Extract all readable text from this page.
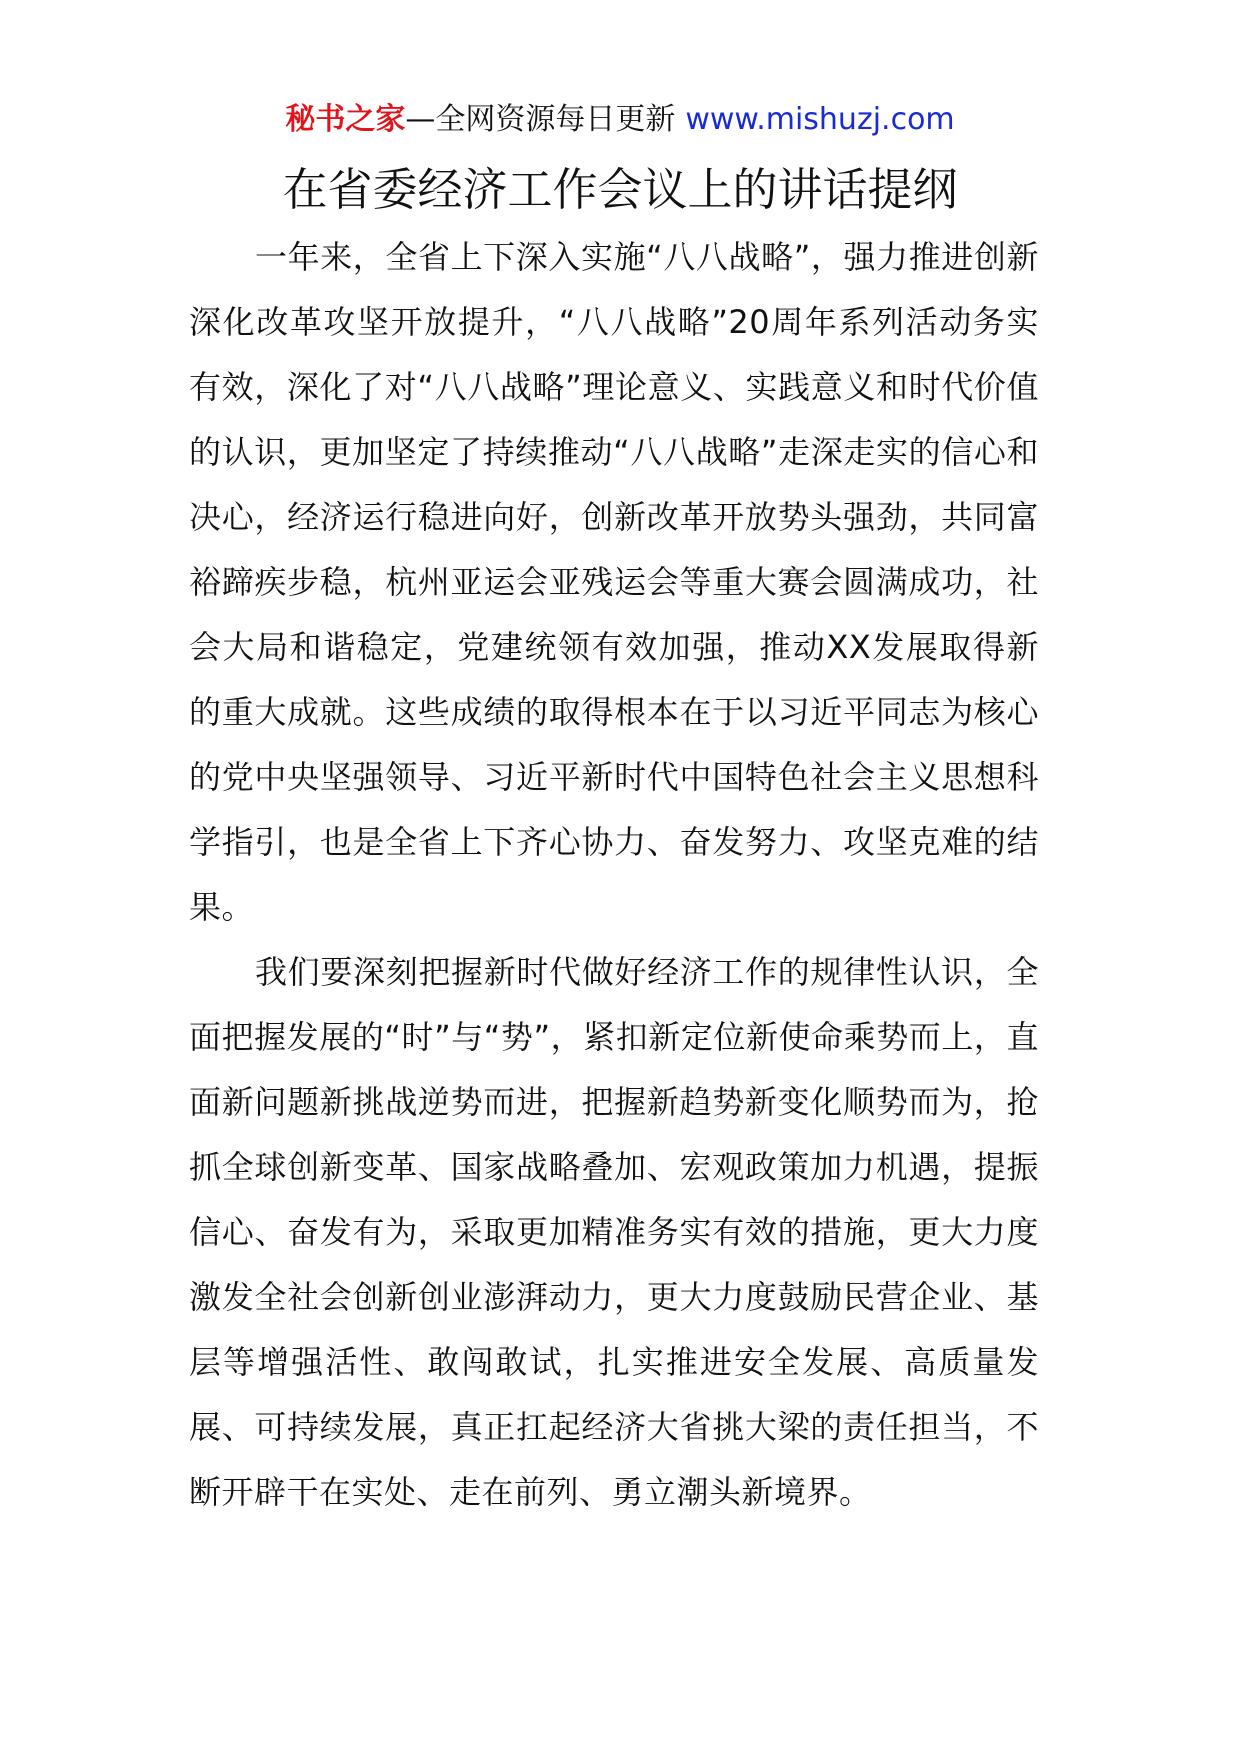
秘书之家—全网资源每日更新 www.mishuzj.com
在省委经济工作会议上的讲话提纲

一年来，全省上下深入实施“八八战略”，强力推进创新深化改革攻坚开放提升，“八八战略”20周年系列活动务实有效，深化了对“八八战略”理论意义、实践意义和时代价值的认识，更加坚定了持续推动“八八战略”走深走实的信心和决心，经济运行稳进向好，创新改革开放势头强劲，共同富裕蹄疾步稳，杭州亚运会亚残运会等重大赛会圆满成功，社会大局和谐稳定，党建统领有效加强，推动XX发展取得新的重大成就。这些成绩的取得根本在于以习近平同志为核心的党中央坚强领导、习近平新时代中国特色社会主义思想科学指引，也是全省上下齐心协力、奋发努力、攻坚克难的结果。

我们要深刻把握新时代做好经济工作的规律性认识，全面把握发展的“时”与“势”，紧扣新定位新使命乘势而上，直面新问题新挑战逆势而进，把握新趋势新变化顺势而为，抢抓全球创新变革、国家战略叠加、宏观政策加力机遇，提振信心、奋发有为，采取更加精准务实有效的措施，更大力度激发全社会创新创业澎湃动力，更大力度鼓励民营企业、基层等增强活性、敢闯敢试，扎实推进安全发展、高质量发展、可持续发展，真正扛起经济大省挑大梁的责任担当，不断开辟干在实处、走在前列、勇立潮头新境界。
